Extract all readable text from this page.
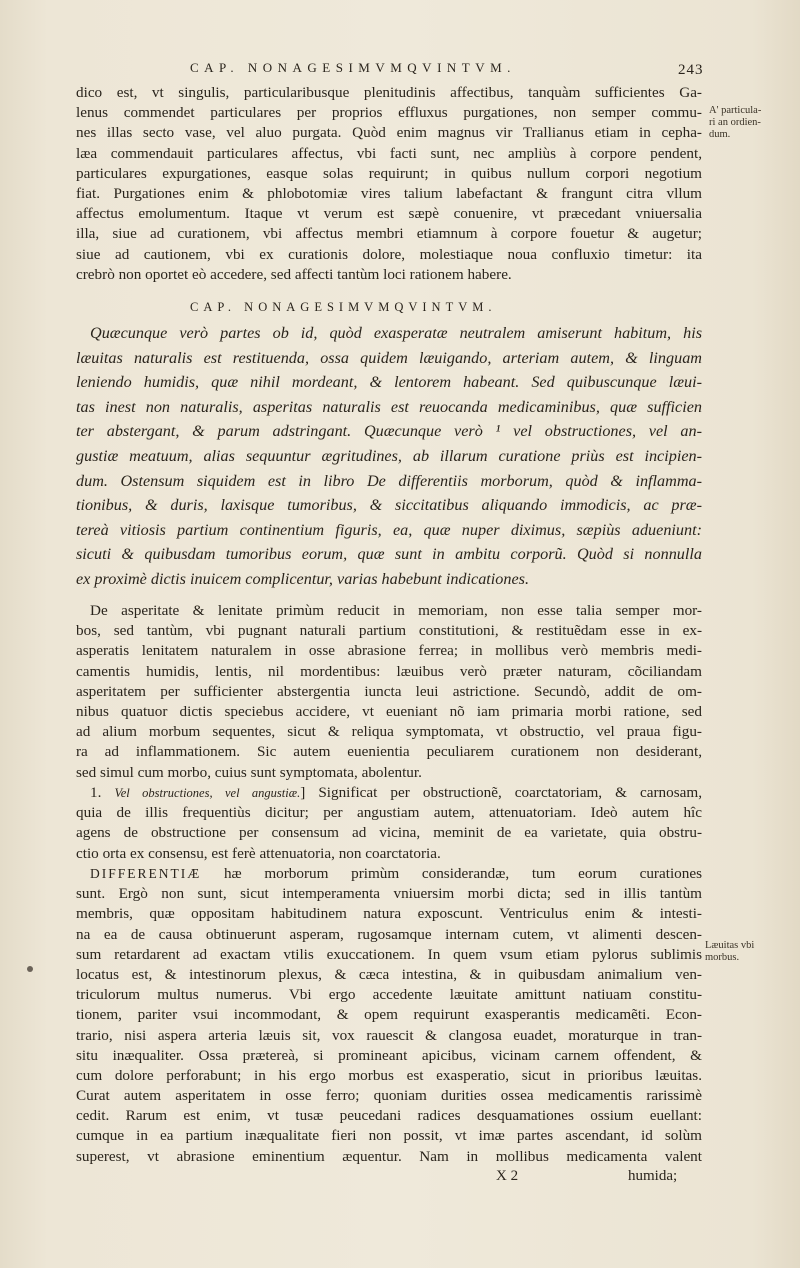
CAP. NONAGESIMVMQVINTVM.	243
dico est, vt singulis, particularibusque plenitudinis affectibus, tanquàm sufficientes Ga-
lenus commendet particulares per proprios effluxus purgationes, non semper commu-
nes illas secto vase, vel aluo purgata. Quòd enim magnus vir Trallianus etiam in cepha-
læa commendauit particulares affectus, vbi facti sunt, nec ampliùs à corpore pendent,
particulares expurgationes, easque solas requirunt; in quibus nullum corpori negotium
fiat. Purgationes enim & phlobotomiæ vires talium labefactant & frangunt citra vllum
affectus emolumentum. Itaque vt verum est sæpè conuenire, vt præcedant vniuersalia
illa, siue ad curationem, vbi affectus membri etiamnum à corpore fouetur & augetur;
siue ad cautionem, vbi ex curationis dolore, molestiaque noua confluxio timetur: ita
crebrò non oportet eò accedere, sed affecti tantùm loci rationem habere.
A' particula-
ri an ordien-
dum.
CAP. NONAGESIMVMQVINTVM.
Quæcunque verò partes ob id, quòd exasperatæ neutralem amiserunt habitum, his
læuitas naturalis est restituenda, ossa quidem læuigando, arteriam autem, & linguam
leniendo humidis, quæ nihil mordeant, & lentorem habeant. Sed quibuscunque læui-
tas inest non naturalis, asperitas naturalis est reuocanda medicaminibus, quæ sufficien
ter abstergant, & parum adstringant. Quæcunque verò ¹ vel obstructiones, vel an-
gustiæ meatuum, alias sequuntur ægritudines, ab illarum curatione priùs est incipien-
dum. Ostensum siquidem est in libro De differentiis morborum, quòd & inflamma-
tionibus, & duris, laxisque tumoribus, & siccitatibus aliquando immodicis, ac præ-
tereà vitiosis partium continentium figuris, ea, quæ nuper diximus, sæpiùs adueniunt:
sicuti & quibusdam tumoribus eorum, quæ sunt in ambitu corporũ. Quòd si nonnulla
ex proximè dictis inuicem complicentur, varias habebunt indicationes.
De asperitate & lenitate primùm reducit in memoriam, non esse talia semper mor-
bos, sed tantùm, vbi pugnant naturali partium constitutioni, & restituẽdam esse in ex-
asperatis lenitatem naturalem in osse abrasione ferrea; in mollibus verò membris medi-
camentis humidis, lentis, nil mordentibus: læuibus verò præter naturam, cõciliandam
asperitatem per sufficienter abstergentia iuncta leui astrictione. Secundò, addit de om-
nibus quatuor dictis speciebus accidere, vt eueniant nõ iam primaria morbi ratione, sed
ad alium morbum sequentes, sicut & reliqua symptomata, vt obstructio, vel praua figu-
ra ad inflammationem. Sic autem euenientia peculiarem curationem non desiderant,
sed simul cum morbo, cuius sunt symptomata, abolentur.
1. Vel obstructiones, vel angustiæ.] Significat per obstructionẽ, coarctatoriam, & carnosam,
quia de illis frequentiùs dicitur; per angustiam autem, attenuatoriam. Ideò autem hîc
agens de obstructione per consensum ad vicina, meminit de ea varietate, quia obstru-
ctio orta ex consensu, est ferè attenuatoria, non coarctatoria.
DIFFERENTIÆ hæ morborum primùm considerandæ, tum eorum curationes
sunt. Ergò non sunt, sicut intemperamenta vniuersim morbi dicta; sed in illis tantùm
membris, quæ oppositam habitudinem natura exposcunt. Ventriculus enim & intesti-
na ea de causa obtinuerunt asperam, rugosamque internam cutem, vt alimenti descen-
sum retardarent ad exactam vtilis exuccationem. In quem vsum etiam pylorus sublimis
locatus est, & intestinorum plexus, & cæca intestina, & in quibusdam animalium ven-
triculorum multus numerus. Vbi ergo accedente læuitate amittunt natiuam constitu-
tionem, pariter vsui incommodant, & opem requirunt exasperantis medicamẽti. Econ-
trario, nisi aspera arteria læuis sit, vox rauescit & clangosa euadet, moraturque in tran-
situ inæqualiter. Ossa prætereà, si promineant apicibus, vicinam carnem offendent, &
cum dolore perforabunt; in his ergo morbus est exasperatio, sicut in prioribus læuitas.
Curat autem asperitatem in osse ferro; quoniam durities ossea medicamentis rarissimè
cedit. Rarum est enim, vt tusæ peucedani radices desquamationes ossium euellant:
cumque in ea partium inæqualitate fieri non possit, vt imæ partes ascendant, id solùm
superest, vt abrasione eminentium æquentur. Nam in mollibus medicamenta valent
Læuitas vbi
morbus.
X 2	humida;
